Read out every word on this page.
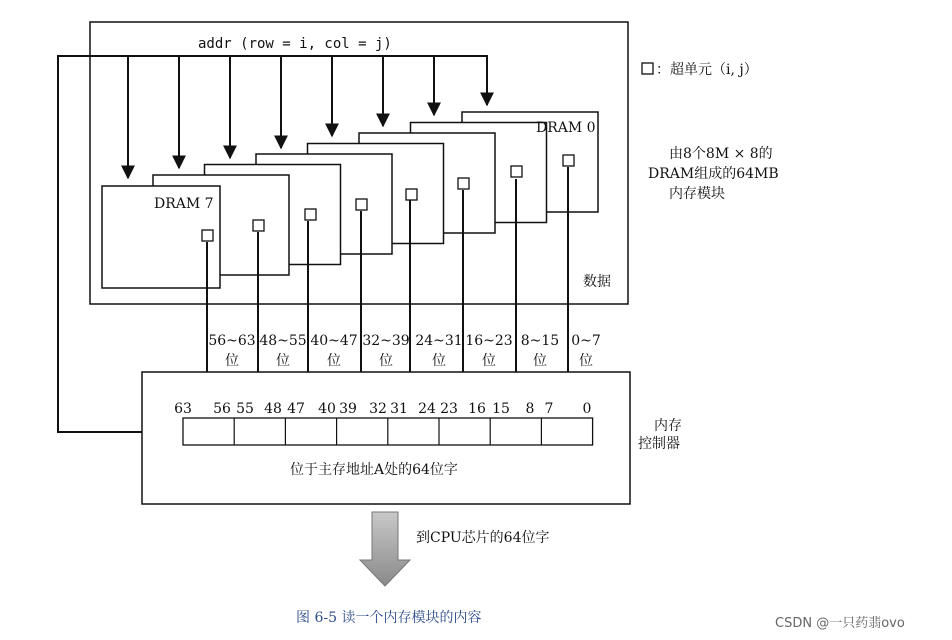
addr (row = i, col = j)
：超单元（i, j）
DRAM 0
DRAM 7
由8个8M × 8的
DRAM组成的64MB
内存模块
数据
56~63
位
48~55
位
40~47
位
32~39
位
24~31
位
16~23
位
8~15
位
0~7
位
63 56 55 48 47 40 39 32 31 24 23 16 15 8 7 0
内存
控制器
位于主存地址A处的64位字
到CPU芯片的64位字
图 6-5 读一个内存模块的内容	CSDN @一只药翡ovo
